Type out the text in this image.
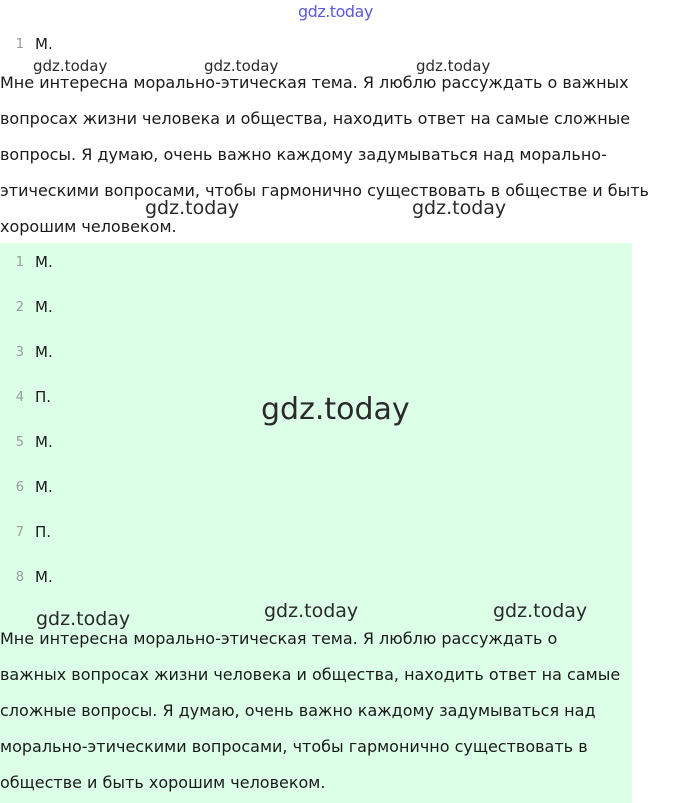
gdz.today
1 М.

Мне интересна морально-этическая тема. Я люблю рассуждать о важных вопросах жизни человека и общества, находить ответ на самые сложные вопросы. Я думаю, очень важно каждому задумываться над морально-этическими вопросами, чтобы гармонично существовать в обществе и быть хорошим человеком.

1 М.
2 М.
3 М.
4 П.
5 М.
6 М.
7 П.
8 М.

Мне интересна морально-этическая тема. Я люблю рассуждать о важных вопросах жизни человека и общества, находить ответ на самые сложные вопросы. Я думаю, очень важно каждому задумываться над морально-этическими вопросами, чтобы гармонично существовать в обществе и быть хорошим человеком.

gdz.today	gdz.today	gdz.today
gdz.today	gdz.today
gdz.today
gdz.today	gdz.today	gdz.today
